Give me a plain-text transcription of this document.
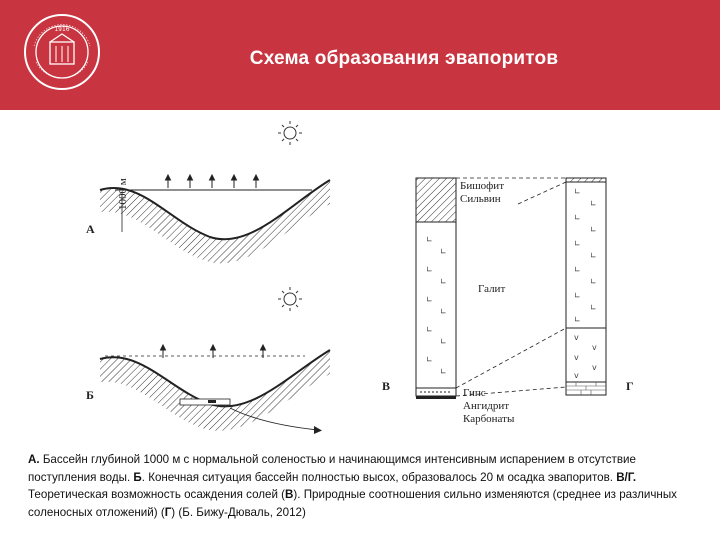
1916
Схема образования эвапоритов
1000 м
А
Б
∟
∟
∟
∟
∟
∟
∟
∟
∟
∟
В
Бишофит
Сильвин
Галит
Гипс
Ангидрит
Карбонаты
∟
∟
∟
∟
∟
∟
∟
∟
∟
∟
∟
v
v
v
v
v
Г
А. Бассейн глубиной 1000 м с нормальной соленостью и начинающимся интенсивным испарением в отсутствие поступления воды. Б. Конечная ситуация бассейн полностью высох, образовалось 20 м осадка эвапоритов. В/Г. Теоретическая возможность осаждения солей (В). Природные соотношения сильно изменяются (среднее из различных соленосных отложений) (Г) (Б. Бижу-Дюваль, 2012)
